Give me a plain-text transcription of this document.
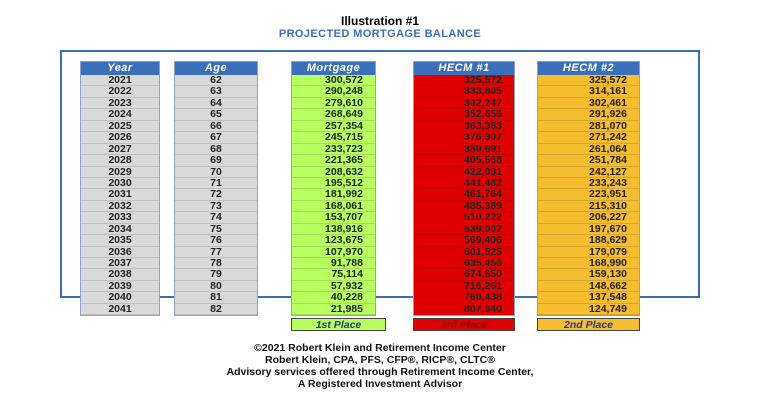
Illustration #1
PROJECTED MORTGAGE BALANCE
Year
2021
2022
2023
2024
2025
2026
2027
2028
2029
2030
2031
2032
2033
2034
2035
2036
2037
2038
2039
2040
2041
Age
62
63
64
65
66
67
68
69
70
71
72
73
74
75
76
77
78
79
80
81
82
Mortgage
300,572
290,248
279,610
268,649
257,354
245,715
233,723
221,365
208,632
195,512
181,992
168,061
153,707
138,916
123,675
107,970
91,788
75,114
57,932
40,228
21,985
HECM #1
325,572
333,805
342,247
352,656
363,383
376,307
389,691
405,568
422,091
441,482
461,764
485,389
510,222
539,002
569,406
601,525
635,456
674,650
716,261
760,438
807,340
HECM #2
325,572
314,161
302,461
291,926
281,070
271,242
261,064
251,784
242,127
233,243
223,951
215,310
206,227
197,670
188,629
179,079
168,990
159,130
148,662
137,548
124,749
1st Place	3rd Place	2nd Place
©2021 Robert Klein and Retirement Income Center
Robert Klein, CPA, PFS, CFP®, RICP®, CLTC®
Advisory services offered through Retirement Income Center,
A Registered Investment Advisor
